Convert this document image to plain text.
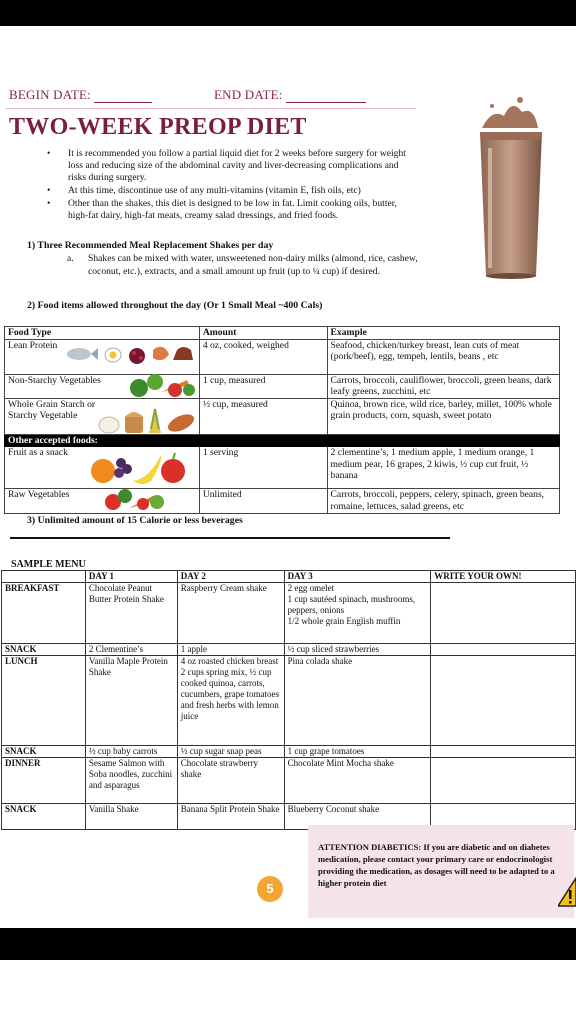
BEGIN DATE:	END DATE:
TWO-WEEK PREOP DIET
• It is recommended you follow a partial liquid diet for 2 weeks before surgery for weight loss and reducing size of the abdominal cavity and liver-decreasing complications and risks during surgery.
• At this time, discontinue use of any multi-vitamins (vitamin E, fish oils, etc)
• Other than the shakes, this diet is designed to be low in fat. Limit cooking oils, butter, high-fat dairy, high-fat meats, creamy salad dressings, and fried foods.
1) Three Recommended Meal Replacement Shakes per day
a. Shakes can be mixed with water, unsweetened non-dairy milks (almond, rice, cashew, coconut, etc.), extracts, and a small amount up fruit (up to ¼ cup) if desired.
2) Food items allowed throughout the day (Or 1 Small Meal ~400 Cals)
Food Type	Amount	Example
Lean Protein	4 oz, cooked, weighed	Seafood, chicken/turkey breast, lean cuts of meat (pork/beef), egg, tempeh, lentils, beans , etc
Non-Starchy Vegetables	1 cup, measured	Carrots, broccoli, cauliflower, broccoli, green beans, dark leafy greens, zucchini, etc
Whole Grain Starch or Starchy Vegetable	½ cup, measured	Quinoa, brown rice, wild rice, barley, millet, 100% whole grain products, corn, squash, sweet potato
Other accepted foods:		
Fruit as a snack	1 serving	2 clementine’s, 1 medium apple, 1 medium orange, 1 medium pear, 16 grapes, 2 kiwis, ½ cup cut fruit, ½ banana
Raw Vegetables	Unlimited	Carrots, broccoli, peppers, celery, spinach, green beans, romaine, lettuces, salad greens, etc
3) Unlimited amount of 15 Calorie or less beverages
SAMPLE MENU
	DAY 1	DAY 2	DAY 3	WRITE YOUR OWN!
BREAKFAST	Chocolate Peanut Butter Protein Shake	Raspberry Cream shake	2 egg omelet
1 cup sautéed spinach, mushrooms, peppers, onions
1/2 whole grain English muffin	
SNACK	2 Clementine’s	1 apple	½ cup sliced strawberries	
LUNCH	Vanilla Maple Protein Shake	4 oz roasted chicken breast
2 cups spring mix, ½ cup cooked quinoa, carrots, cucumbers, grape tomatoes and fresh herbs with lemon juice	Pina colada shake	
SNACK	½ cup baby carrots	½ cup sugar snap peas	1 cup grape tomatoes	
DINNER	Sesame Salmon with Soba noodles, zucchini and asparagus	Chocolate strawberry shake	Chocolate Mint Mocha shake	
SNACK	Vanilla Shake	Banana Split Protein Shake	Blueberry Coconut shake	
5
ATTENTION DIABETICS: If you are diabetic and on diabetes medication, please contact your primary care or endocrinologist providing the medication, as dosages will need to be adapted to a higher protein diet
